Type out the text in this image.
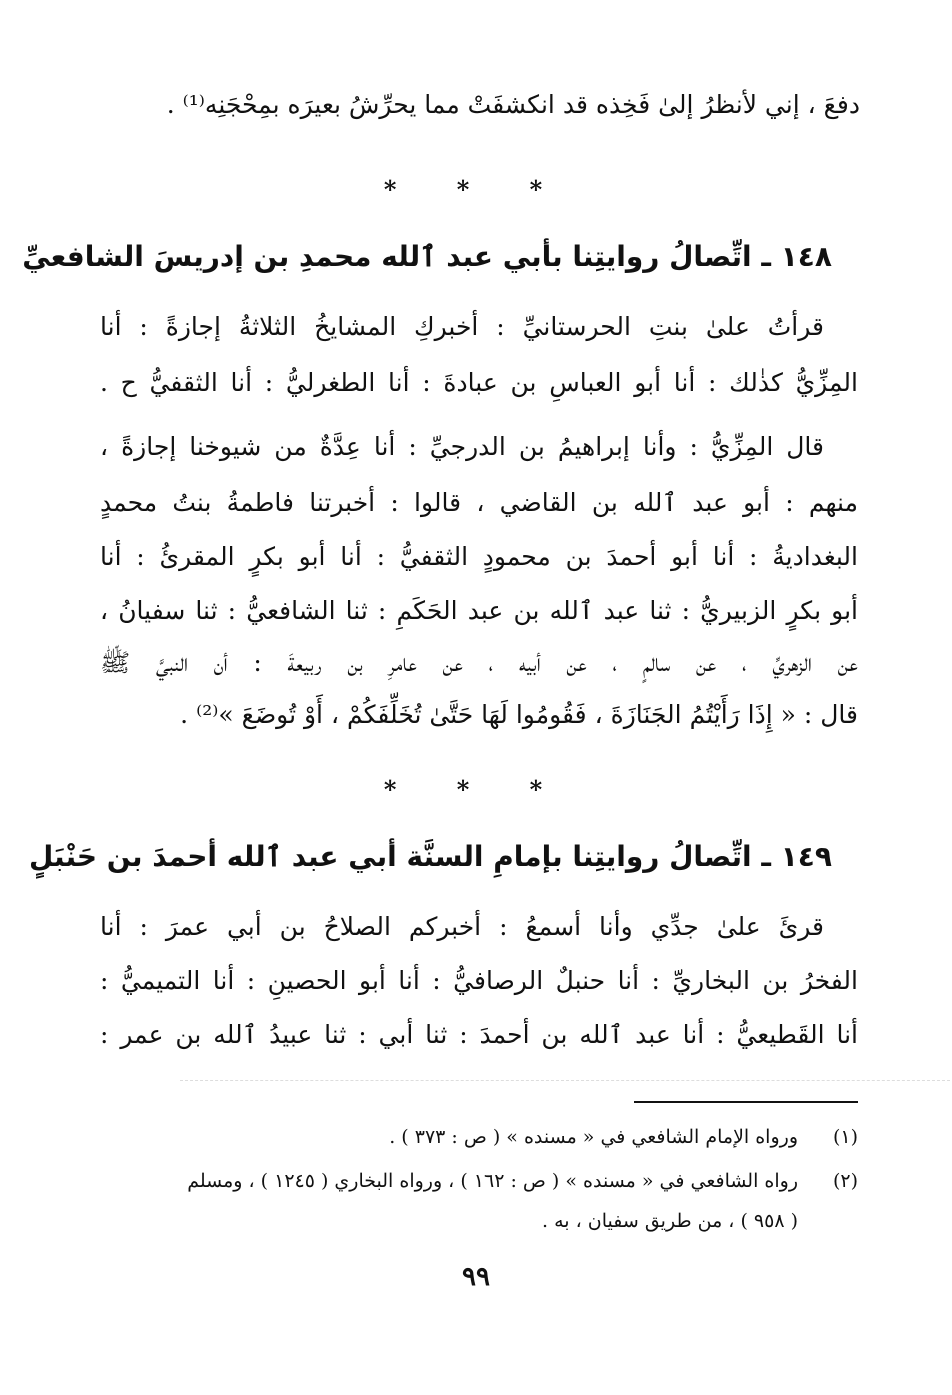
دفعَ ، إني لأنظرُ إلىٰ فَخِذه قد انكشفَتْ مما يحرِّشُ بعيرَه بمِحْجَنِه⁽¹⁾ .
* * *
١٤٨ ـ اتِّصالُ روايتِنا بأبي عبد ٱلله محمدِ بن إدريسَ الشافعيِّ
قرأتُ علىٰ بنتِ الحرستانيِّ : أخبركِ المشايخُ الثلاثةُ إجازةً : أنا
المِزِّيُّ كذٰلك : أنا أبو العباسِ بن عبادةَ : أنا الطغرليُّ : أنا الثقفيُّ ح .
قال المِزِّيُّ : وأنا إبراهيمُ بن الدرجيِّ : أنا عِدَّةٌ من شيوخنا إجازةً ،
منهم : أبو عبد ٱلله بن القاضي ، قالوا : أخبرتنا فاطمةُ بنتُ محمدٍ
البغداديةُ : أنا أبو أحمدَ بن محمودٍ الثقفيُّ : أنا أبو بكرٍ المقرئُ : أنا
أبو بكرٍ الزبيريُّ : ثنا عبد ٱلله بن عبد الحَكَمِ : ثنا الشافعيُّ : ثنا سفيانُ ،
عن الزهريِّ ، عن سالمٍ ، عن أبيه ، عن عامرِ بن ربيعةَ : أن النبيَّ ﷺ
قال : « إِذَا رَأَيْتُمُ الجَنَازَةَ ، فَقُومُوا لَهَا حَتَّىٰ تُخَلِّفَكُمْ ، أَوْ تُوضَعَ »⁽²⁾ .
* * *
١٤٩ ـ اتِّصالُ روايتِنا بإمامِ السنَّة أبي عبد ٱلله أحمدَ بن حَنْبَلٍ
قرئَ علىٰ جدِّي وأنا أسمعُ : أخبركم الصلاحُ بن أبي عمرَ : أنا
الفخرُ بن البخاريِّ : أنا حنبلٌ الرصافيُّ : أنا أبو الحصينِ : أنا التميميُّ :
أنا القَطيعيُّ : أنا عبد ٱلله بن أحمدَ : ثنا أبي : ثنا عبيدُ ٱلله بن عمر :
(١)ورواه الإمام الشافعي في « مسنده » ( ص : ٣٧٣ ) .
(٢)رواه الشافعي في « مسنده » ( ص : ١٦٢ ) ، ورواه البخاري ( ١٢٤٥ ) ، ومسلم
( ٩٥٨ ) ، من طريق سفيان ، به .
٩٩
